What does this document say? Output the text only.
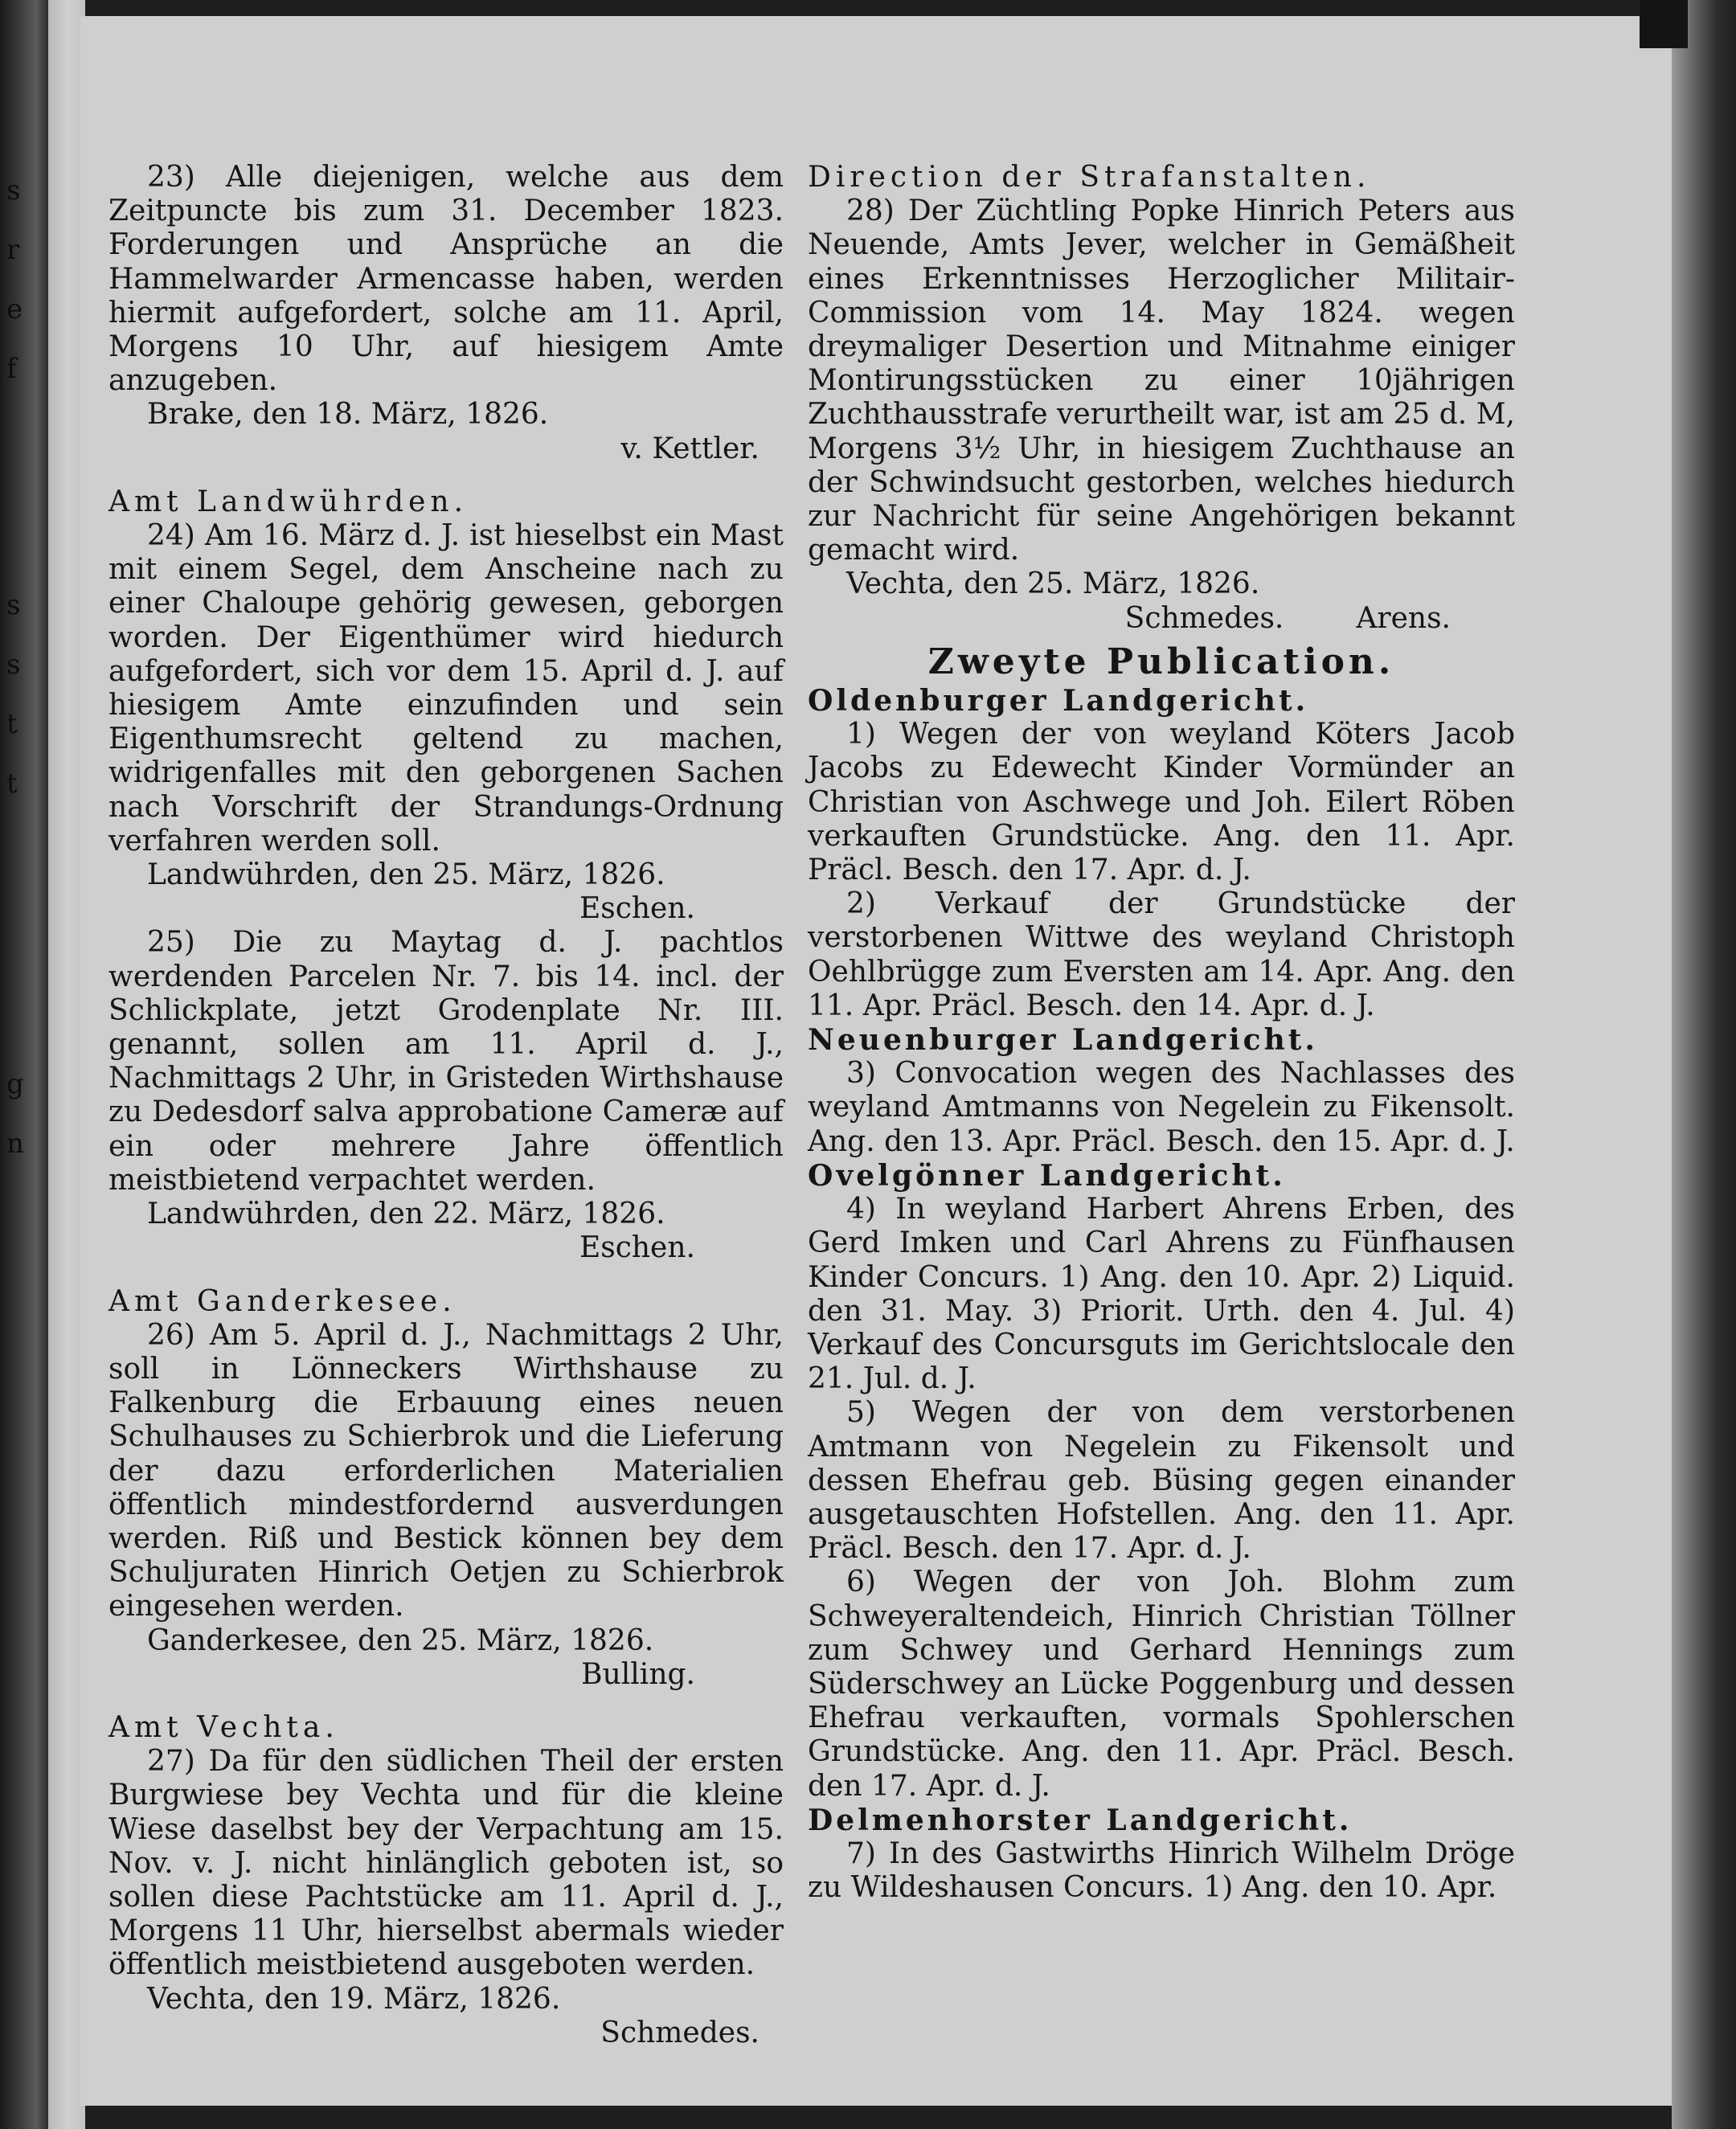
s
r
e
f
s
s
t
t
g
n

23) Alle diejenigen, welche aus dem Zeitpuncte bis zum 31. December 1823. Forderungen und Ansprüche an die Hammelwarder Armencasse haben, werden hiermit aufgefordert, solche am 11. April, Morgens 10 Uhr, auf hiesigem Amte anzugeben.

Brake, den 18. März, 1826.

v. Kettler.

Amt Landwührden.

24) Am 16. März d. J. ist hieselbst ein Mast mit einem Segel, dem Anscheine nach zu einer Chaloupe gehörig gewesen, geborgen worden. Der Eigenthümer wird hiedurch aufgefordert, sich vor dem 15. April d. J. auf hiesigem Amte einzufinden und sein Eigenthumsrecht geltend zu machen, widrigenfalles mit den geborgenen Sachen nach Vorschrift der Strandungs-Ordnung verfahren werden soll.

Landwührden, den 25. März, 1826.

Eschen.

25) Die zu Maytag d. J. pachtlos werdenden Parcelen Nr. 7. bis 14. incl. der Schlickplate, jetzt Grodenplate Nr. III. genannt, sollen am 11. April d. J., Nachmittags 2 Uhr, in Gristeden Wirthshause zu Dedesdorf salva approbatione Cameræ auf ein oder mehrere Jahre öffentlich meistbietend verpachtet werden.

Landwührden, den 22. März, 1826.

Eschen.

Amt Ganderkesee.

26) Am 5. April d. J., Nachmittags 2 Uhr, soll in Lönneckers Wirthshause zu Falkenburg die Erbauung eines neuen Schulhauses zu Schierbrok und die Lieferung der dazu erforderlichen Materialien öffentlich mindestfordernd ausverdungen werden. Riß und Bestick können bey dem Schuljuraten Hinrich Oetjen zu Schierbrok eingesehen werden.

Ganderkesee, den 25. März, 1826.

Bulling.

Amt Vechta.

27) Da für den südlichen Theil der ersten Burgwiese bey Vechta und für die kleine Wiese daselbst bey der Verpachtung am 15. Nov. v. J. nicht hinlänglich geboten ist, so sollen diese Pachtstücke am 11. April d. J., Morgens 11 Uhr, hierselbst abermals wieder öffentlich meistbietend ausgeboten werden.

Vechta, den 19. März, 1826.

Schmedes.

Direction der Strafanstalten.

28) Der Züchtling Popke Hinrich Peters aus Neuende, Amts Jever, welcher in Gemäßheit eines Erkenntnisses Herzoglicher Militair-Commission vom 14. May 1824. wegen dreymaliger Desertion und Mitnahme einiger Montirungsstücken zu einer 10jährigen Zuchthausstrafe verurtheilt war, ist am 25 d. M, Morgens 3½ Uhr, in hiesigem Zuchthause an der Schwindsucht gestorben, welches hiedurch zur Nachricht für seine Angehörigen bekannt gemacht wird.

Vechta, den 25. März, 1826.

Schmedes.	Arens.
Zweyte Publication.
Oldenburger Landgericht.

1) Wegen der von weyland Köters Jacob Jacobs zu Edewecht Kinder Vormünder an Christian von Aschwege und Joh. Eilert Röben verkauften Grundstücke. Ang. den 11. Apr. Präcl. Besch. den 17. Apr. d. J.

2) Verkauf der Grundstücke der verstorbenen Wittwe des weyland Christoph Oehlbrügge zum Eversten am 14. Apr. Ang. den 11. Apr. Präcl. Besch. den 14. Apr. d. J.

Neuenburger Landgericht.

3) Convocation wegen des Nachlasses des weyland Amtmanns von Negelein zu Fikensolt. Ang. den 13. Apr. Präcl. Besch. den 15. Apr. d. J.

Ovelgönner Landgericht.

4) In weyland Harbert Ahrens Erben, des Gerd Imken und Carl Ahrens zu Fünfhausen Kinder Concurs. 1) Ang. den 10. Apr. 2) Liquid. den 31. May. 3) Priorit. Urth. den 4. Jul. 4) Verkauf des Concursguts im Gerichtslocale den 21. Jul. d. J.

5) Wegen der von dem verstorbenen Amtmann von Negelein zu Fikensolt und dessen Ehefrau geb. Büsing gegen einander ausgetauschten Hofstellen. Ang. den 11. Apr. Präcl. Besch. den 17. Apr. d. J.

6) Wegen der von Joh. Blohm zum Schweyeraltendeich, Hinrich Christian Töllner zum Schwey und Gerhard Hennings zum Süderschwey an Lücke Poggenburg und dessen Ehefrau verkauften, vormals Spohlerschen Grundstücke. Ang. den 11. Apr. Präcl. Besch. den 17. Apr. d. J.

Delmenhorster Landgericht.

7) In des Gastwirths Hinrich Wilhelm Dröge zu Wildeshausen Concurs. 1) Ang. den 10. Apr.
